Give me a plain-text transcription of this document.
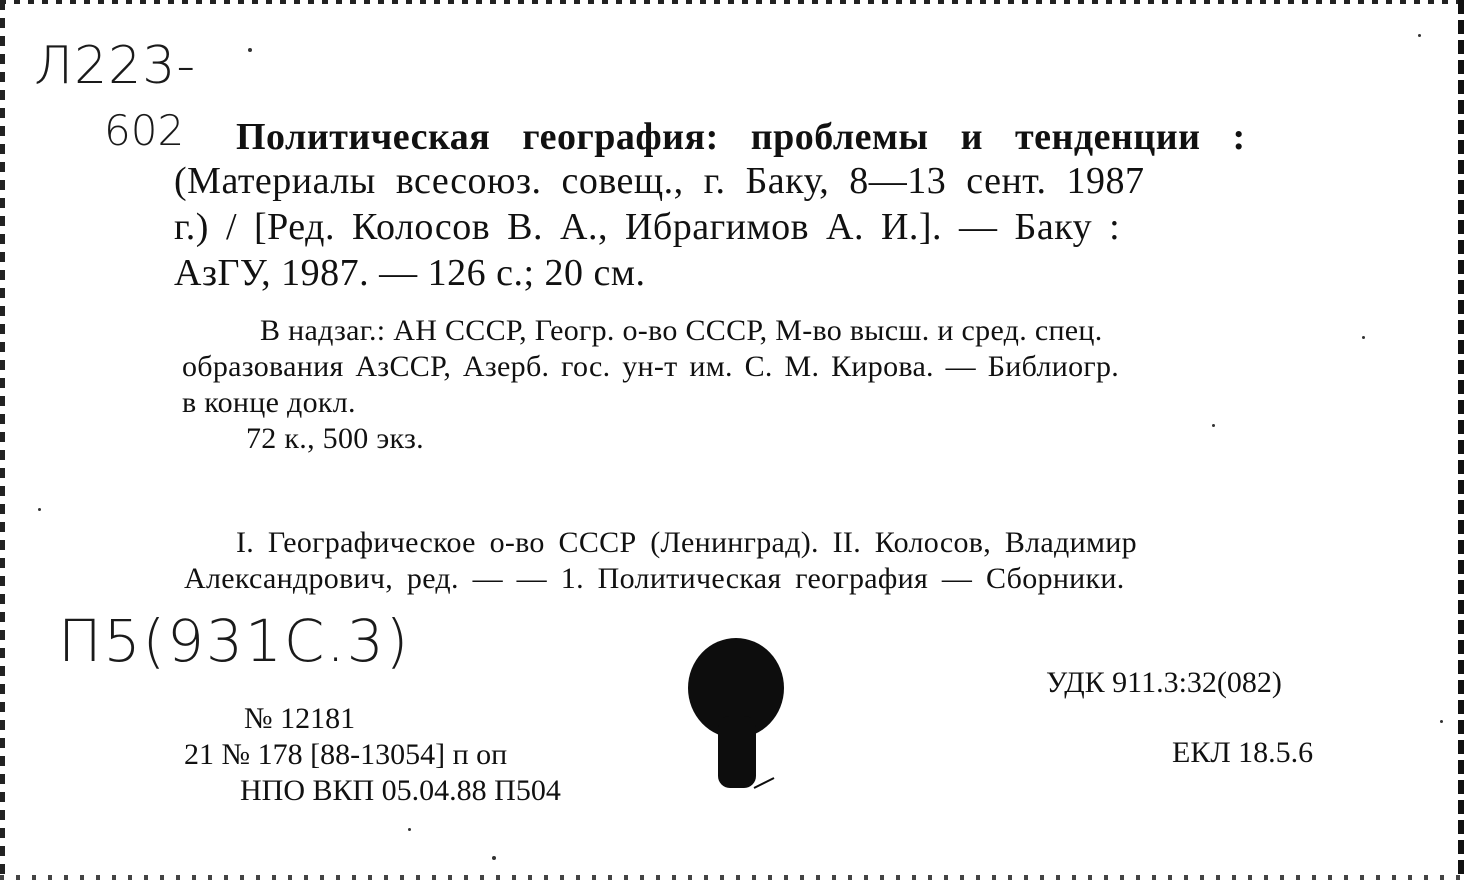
Л223-
602
П5(931С.3)
Политическая география: проблемы и тенденции :
(Материалы всесоюз. совещ., г. Баку, 8—13 сент. 1987
г.) / [Ред. Колосов В. А., Ибрагимов А. И.]. — Баку :
АзГУ, 1987. — 126 с.; 20 см.
В надзаг.: АН СССР, Геогр. о-во СССР, М-во высш. и сред. спец.
образования АзССР, Азерб. гос. ун-т им. С. М. Кирова. — Библиогр.
в конце докл.
72 к., 500 экз.
I. Географическое о-во СССР (Ленинград). II. Колосов, Владимир
Александрович, ред. — — 1. Политическая география — Сборники.
№ 12181
21 № 178 [88-13054] п оп
НПО ВКП 05.04.88 П504
УДК 911.3:32(082)
ЕКЛ 18.5.6
